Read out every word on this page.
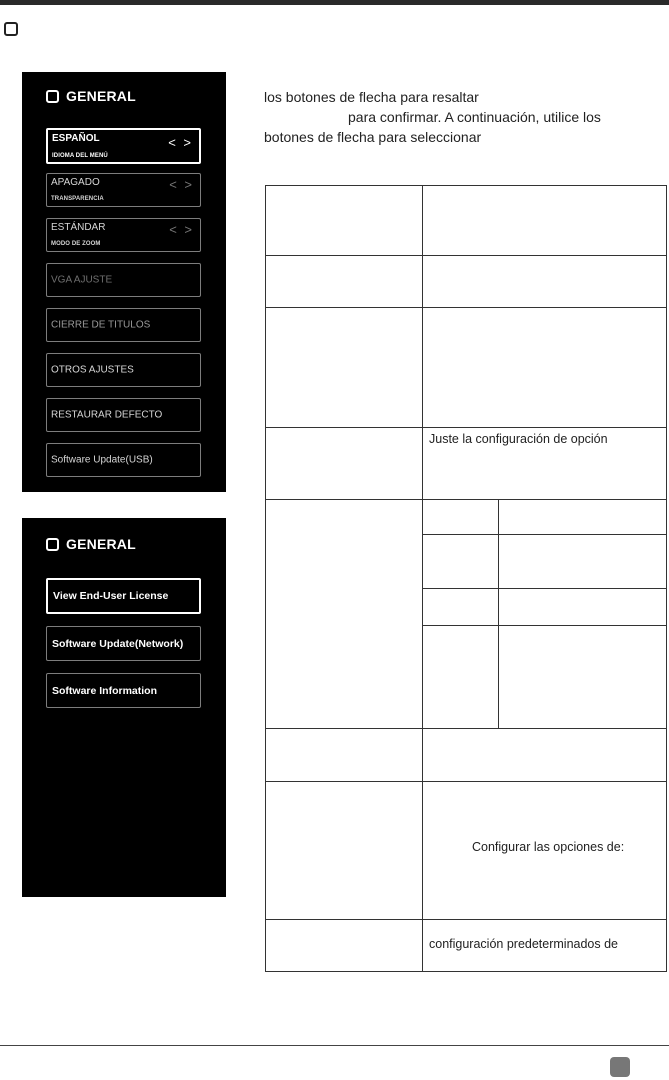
GENERAL
ESPAÑOL
IDIOMA DEL MENÚ
< >
APAGADO
TRANSPARENCIA
< >
ESTÁNDAR
MODO DE ZOOM
< >
VGA AJUSTE
CIERRE DE TITULOS
OTROS AJUSTES
RESTAURAR DEFECTO
Software Update(USB)
GENERAL
View End-User License
Software Update(Network)
Software Information
los botones de flecha para resaltar
para confirmar. A continuación, utilice los
botones de flecha para seleccionar
Juste la configuración de opción
Configurar las opciones de:
configuración predeterminados de
